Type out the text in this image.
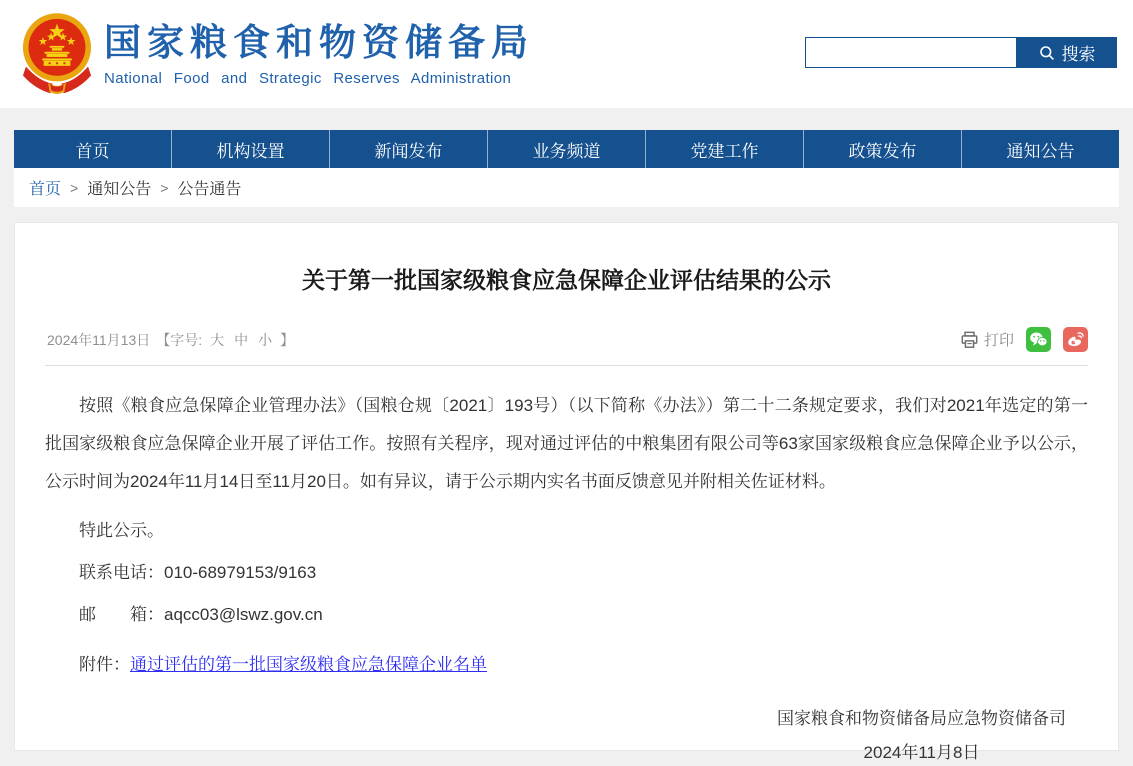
国家粮食和物资储备局
National Food and Strategic Reserves Administration
搜索
首页	机构设置	新闻发布	业务频道	党建工作	政策发布	通知公告
首页 > 通知公告 > 公告通告
关于第一批国家级粮食应急保障企业评估结果的公示
2024年11月13日 【字号: 大 中 小 】	打印

按照《粮食应急保障企业管理办法》（国粮仓规〔2021〕193号）（以下简称《办法》）第二十二条规定要求，我们对2021年选定的第一批国家级粮食应急保障企业开展了评估工作。按照有关程序，现对通过评估的中粮集团有限公司等63家国家级粮食应急保障企业予以公示，公示时间为2024年11月14日至11月20日。如有异议，请于公示期内实名书面反馈意见并附相关佐证材料。

特此公示。

联系电话：010-68979153/9163

邮　　箱：aqcc03@lswz.gov.cn

附件：通过评估的第一批国家级粮食应急保障企业名单

国家粮食和物资储备局应急物资储备司
2024年11月8日
